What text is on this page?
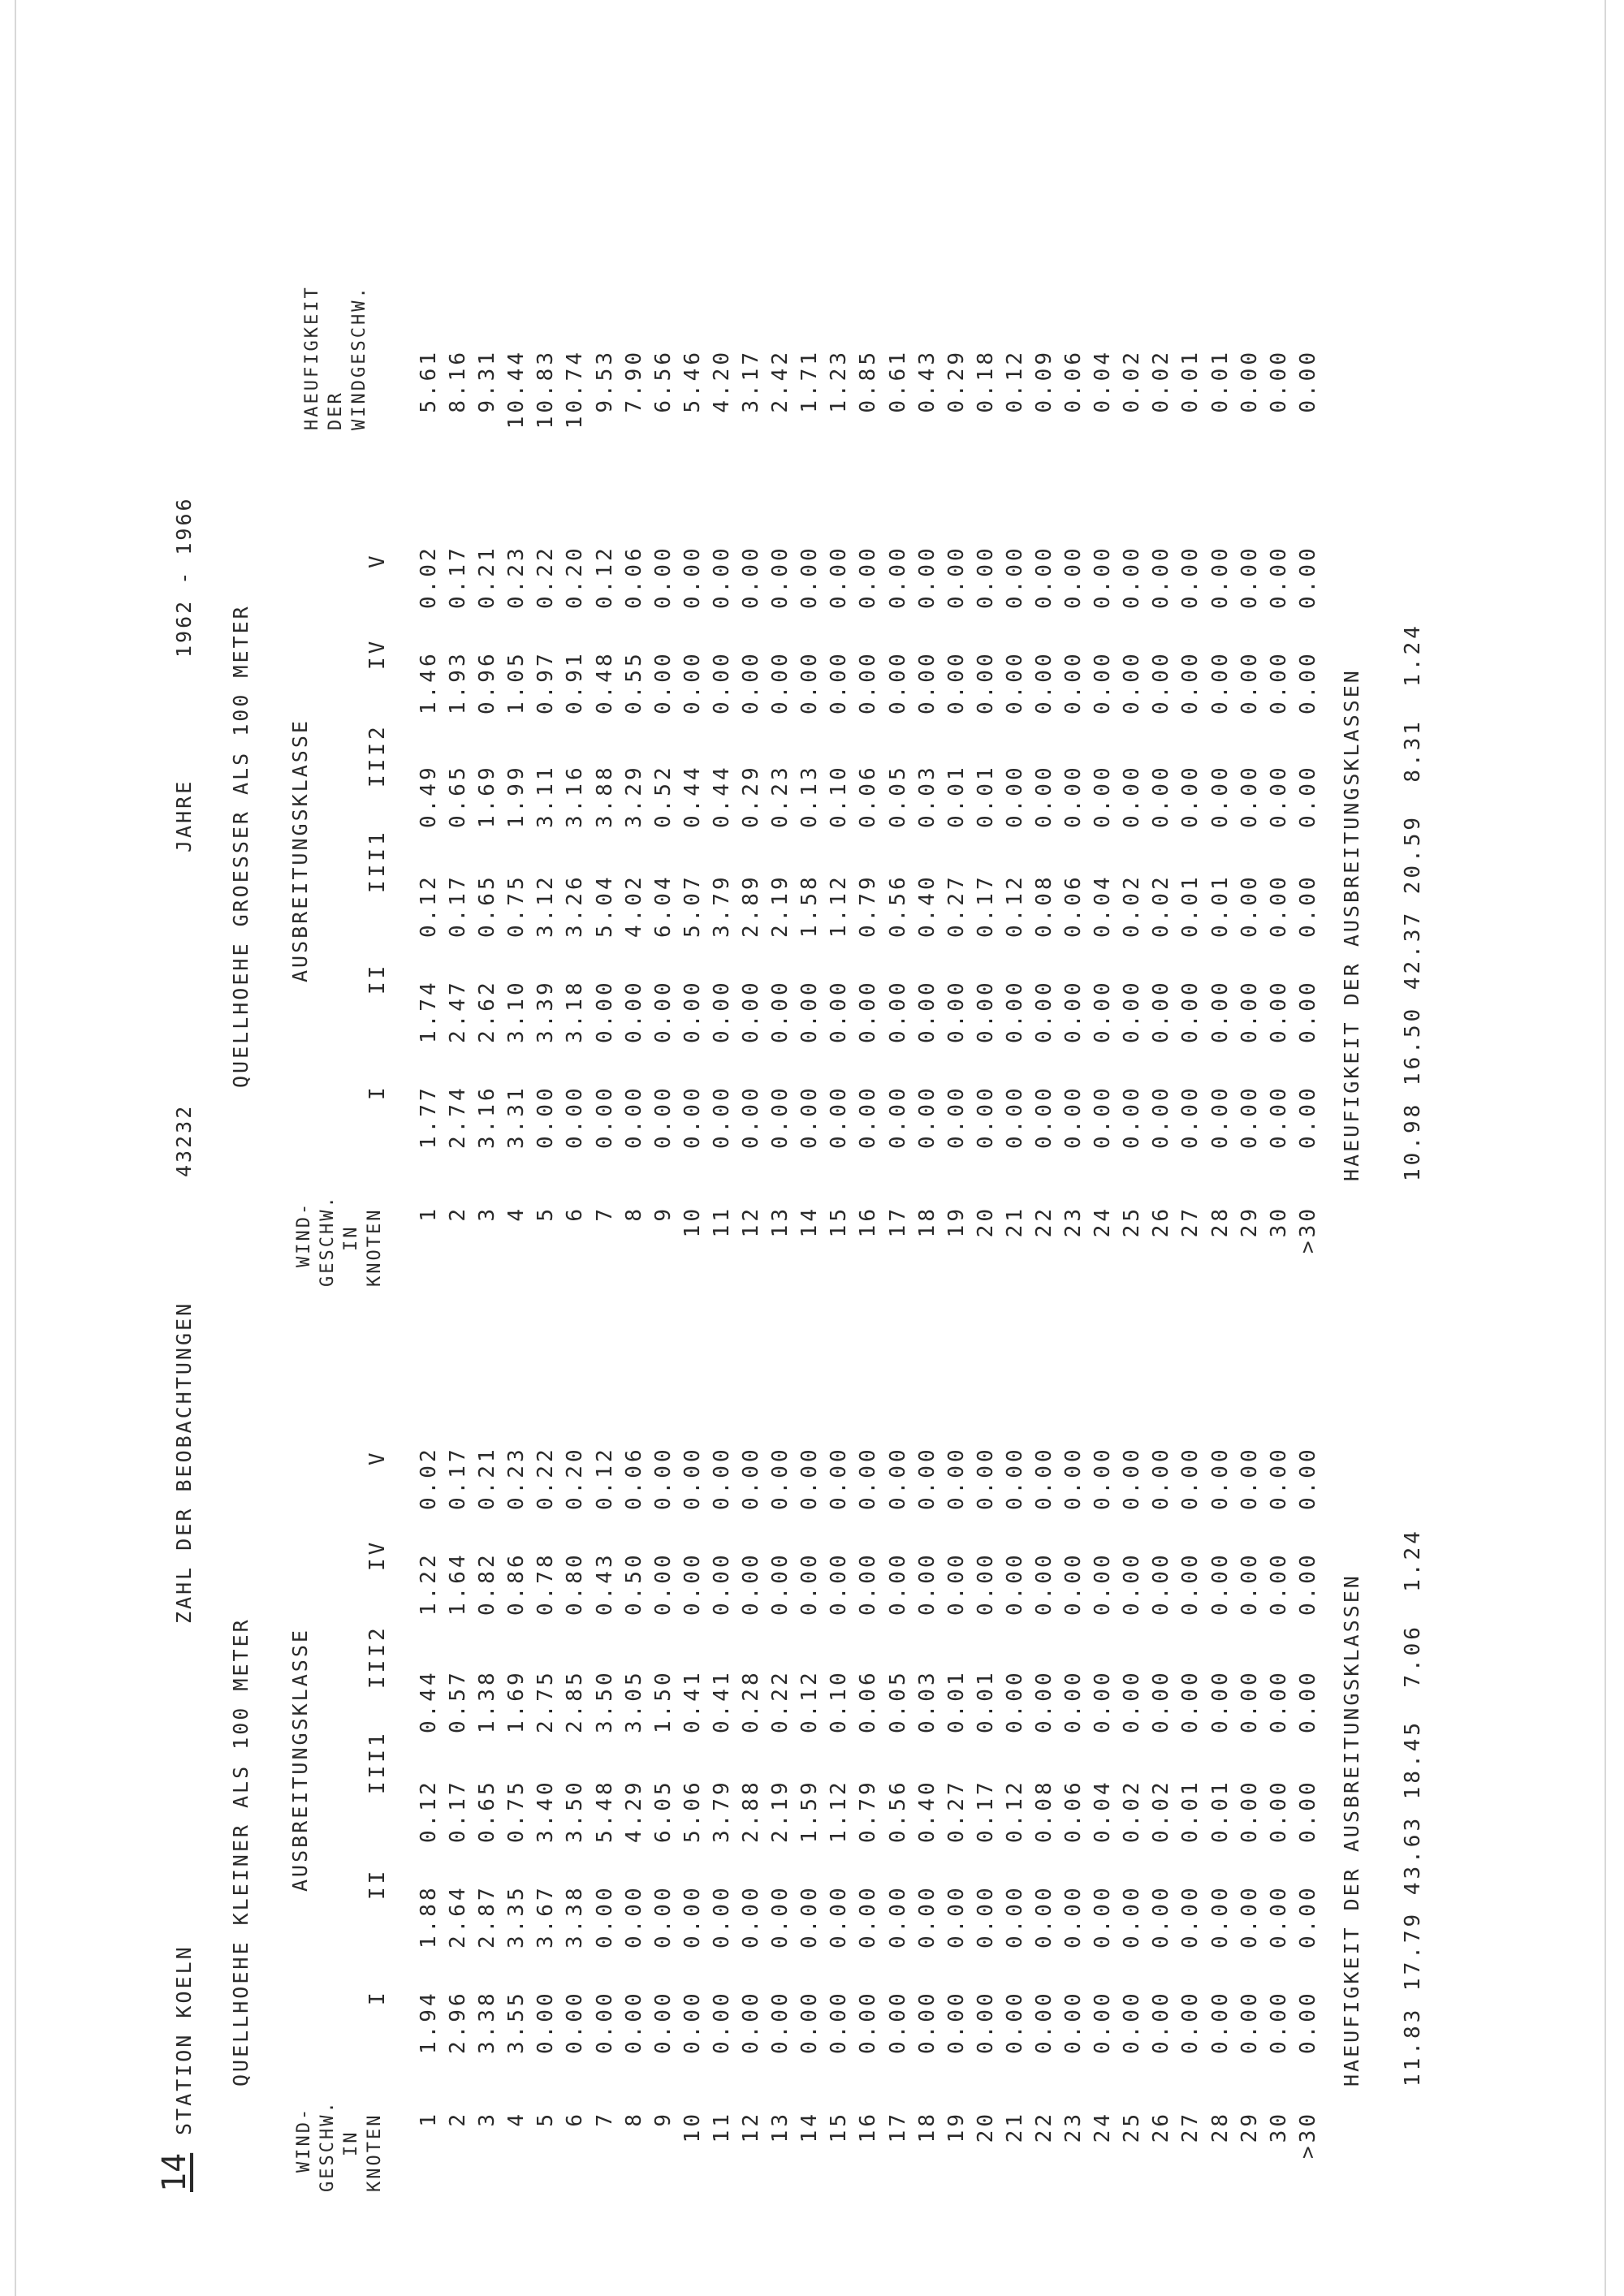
14
STATION KOELN
ZAHL DER BEOBACHTUNGEN
43232
JAHRE
1962 - 1966
QUELLHOEHE KLEINER ALS 100 METER
QUELLHOEHE GROESSER ALS 100 METER
WIND- GESCHW. IN KNOTEN
AUSBREITUNGSKLASSE
WIND- GESCHW. IN KNOTEN
AUSBREITUNGSKLASSE
HAEUFIGKEIT DER WINDGESCHW.
I
II
III1
III2
IV
V
I
II
III1
III2
IV
V
1 2 3 4 5 6 7 8 9 10 11 12 13 14 15 16 17 18 19 20 21 22 23 24 25 26 27 28 29 30 >30
1.94 2.96 3.38 3.55 0.00 0.00 0.00 0.00 0.00 0.00 0.00 0.00 0.00 0.00 0.00 0.00 0.00 0.00 0.00 0.00 0.00 0.00 0.00 0.00 0.00 0.00 0.00 0.00 0.00 0.00 0.00
1.88 2.64 2.87 3.35 3.67 3.38 0.00 0.00 0.00 0.00 0.00 0.00 0.00 0.00 0.00 0.00 0.00 0.00 0.00 0.00 0.00 0.00 0.00 0.00 0.00 0.00 0.00 0.00 0.00 0.00 0.00
0.12 0.17 0.65 0.75 3.40 3.50 5.48 4.29 6.05 5.06 3.79 2.88 2.19 1.59 1.12 0.79 0.56 0.40 0.27 0.17 0.12 0.08 0.06 0.04 0.02 0.02 0.01 0.01 0.00 0.00 0.00
0.44 0.57 1.38 1.69 2.75 2.85 3.50 3.05 1.50 0.41 0.41 0.28 0.22 0.12 0.10 0.06 0.05 0.03 0.01 0.01 0.00 0.00 0.00 0.00 0.00 0.00 0.00 0.00 0.00 0.00 0.00
1.22 1.64 0.82 0.86 0.78 0.80 0.43 0.50 0.00 0.00 0.00 0.00 0.00 0.00 0.00 0.00 0.00 0.00 0.00 0.00 0.00 0.00 0.00 0.00 0.00 0.00 0.00 0.00 0.00 0.00 0.00
0.02 0.17 0.21 0.23 0.22 0.20 0.12 0.06 0.00 0.00 0.00 0.00 0.00 0.00 0.00 0.00 0.00 0.00 0.00 0.00 0.00 0.00 0.00 0.00 0.00 0.00 0.00 0.00 0.00 0.00 0.00
1 2 3 4 5 6 7 8 9 10 11 12 13 14 15 16 17 18 19 20 21 22 23 24 25 26 27 28 29 30 >30
1.77 2.74 3.16 3.31 0.00 0.00 0.00 0.00 0.00 0.00 0.00 0.00 0.00 0.00 0.00 0.00 0.00 0.00 0.00 0.00 0.00 0.00 0.00 0.00 0.00 0.00 0.00 0.00 0.00 0.00 0.00
1.74 2.47 2.62 3.10 3.39 3.18 0.00 0.00 0.00 0.00 0.00 0.00 0.00 0.00 0.00 0.00 0.00 0.00 0.00 0.00 0.00 0.00 0.00 0.00 0.00 0.00 0.00 0.00 0.00 0.00 0.00
0.12 0.17 0.65 0.75 3.12 3.26 5.04 4.02 6.04 5.07 3.79 2.89 2.19 1.58 1.12 0.79 0.56 0.40 0.27 0.17 0.12 0.08 0.06 0.04 0.02 0.02 0.01 0.01 0.00 0.00 0.00
0.49 0.65 1.69 1.99 3.11 3.16 3.88 3.29 0.52 0.44 0.44 0.29 0.23 0.13 0.10 0.06 0.05 0.03 0.01 0.01 0.00 0.00 0.00 0.00 0.00 0.00 0.00 0.00 0.00 0.00 0.00
1.46 1.93 0.96 1.05 0.97 0.91 0.48 0.55 0.00 0.00 0.00 0.00 0.00 0.00 0.00 0.00 0.00 0.00 0.00 0.00 0.00 0.00 0.00 0.00 0.00 0.00 0.00 0.00 0.00 0.00 0.00
0.02 0.17 0.21 0.23 0.22 0.20 0.12 0.06 0.00 0.00 0.00 0.00 0.00 0.00 0.00 0.00 0.00 0.00 0.00 0.00 0.00 0.00 0.00 0.00 0.00 0.00 0.00 0.00 0.00 0.00 0.00
5.61 8.16 9.31 10.44 10.83 10.74 9.53 7.90 6.56 5.46 4.20 3.17 2.42 1.71 1.23 0.85 0.61 0.43 0.29 0.18 0.12 0.09 0.06 0.04 0.02 0.02 0.01 0.01 0.00 0.00 0.00
HAEUFIGKEIT DER AUSBREITUNGSKLASSEN 11.83 17.79 43.63 18.45  7.06  1.24
HAEUFIGKEIT DER AUSBREITUNGSKLASSEN 10.98 16.50 42.37 20.59  8.31  1.24
